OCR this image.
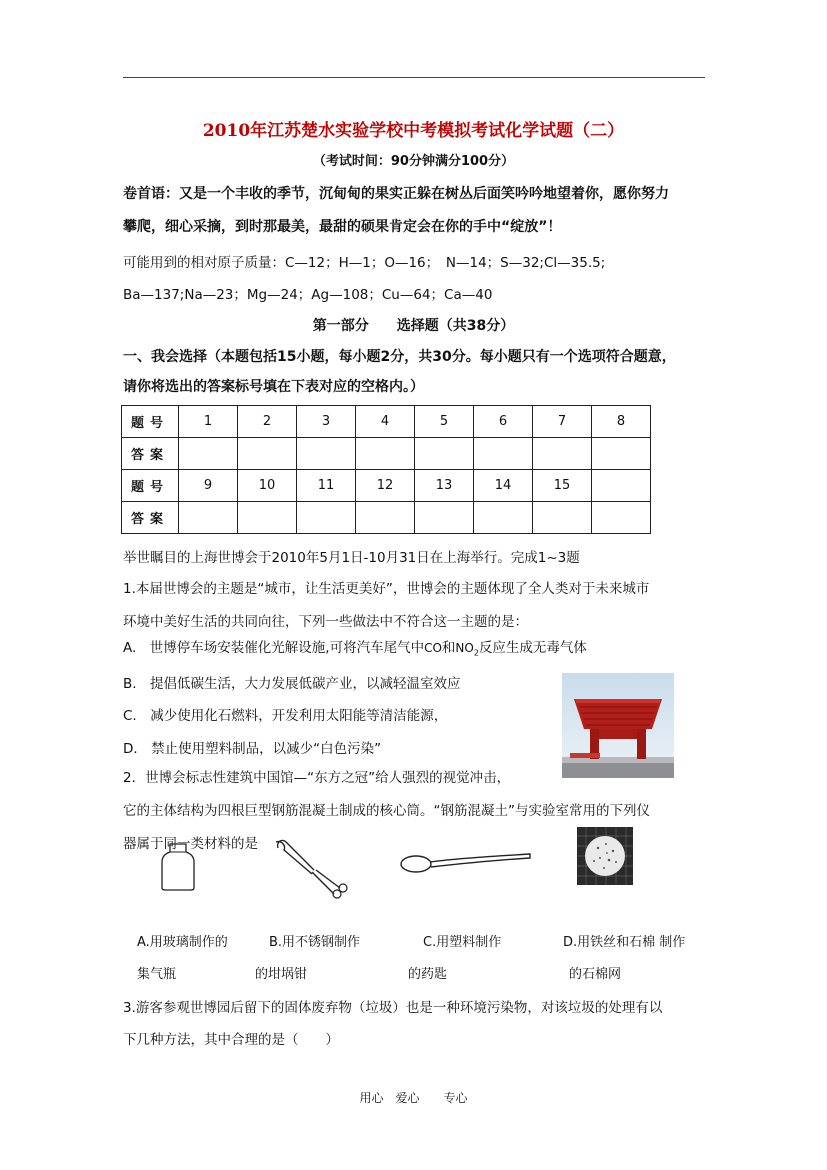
2010年江苏楚水实验学校中考模拟考试化学试题（二）
（考试时间：90分钟满分100分）
卷首语：又是一个丰收的季节，沉甸甸的果实正躲在树丛后面笑吟吟地望着你，愿你努力
攀爬，细心采摘，到时那最美，最甜的硕果肯定会在你的手中“绽放”！
可能用到的相对原子质量：C—12；H—1；O—16；　N—14；S—32;Cl—35.5;
Ba—137;Na—23；Mg—24；Ag—108；Cu—64；Ca—40
第一部分　　选择题（共38分）
一、我会选择（本题包括15小题，每小题2分，共30分。每小题只有一个选项符合题意，
请你将选出的答案标号填在下表对应的空格内。）
题号	1	2	3	4	5	6	7	8
答案								
题号	9	10	11	12	13	14	15	
答案								
举世瞩目的上海世博会于2010年5月1日-10月31日在上海举行。完成1~3题
1.本届世博会的主题是“城市，让生活更美好”，世博会的主题体现了全人类对于未来城市
环境中美好生活的共同向往，下列一些做法中不符合这一主题的是：
A.　世博停车场安装催化光解设施,可将汽车尾气中CO和$NO_2$反应生成无毒气体
B.　提倡低碳生活，大力发展低碳产业，以减轻温室效应
C.　减少使用化石燃料，开发利用太阳能等清洁能源，
D.　禁止使用塑料制品，以减少“白色污染”
2．世博会标志性建筑中国馆—“东方之冠”给人强烈的视觉冲击，
它的主体结构为四根巨型钢筋混凝土制成的核心筒。“钢筋混凝土”与实验室常用的下列仪
器属于同一类材料的是
A.用玻璃制作的
集气瓶
B.用不锈钢制作
的坩埚钳
C.用塑料制作
的药匙
D.用铁丝和石棉 制作
的石棉网
3.游客参观世博园后留下的固体废弃物（垃圾）也是一种环境污染物，对该垃圾的处理有以
下几种方法，其中合理的是（　　）
用心　爱心　　专心
